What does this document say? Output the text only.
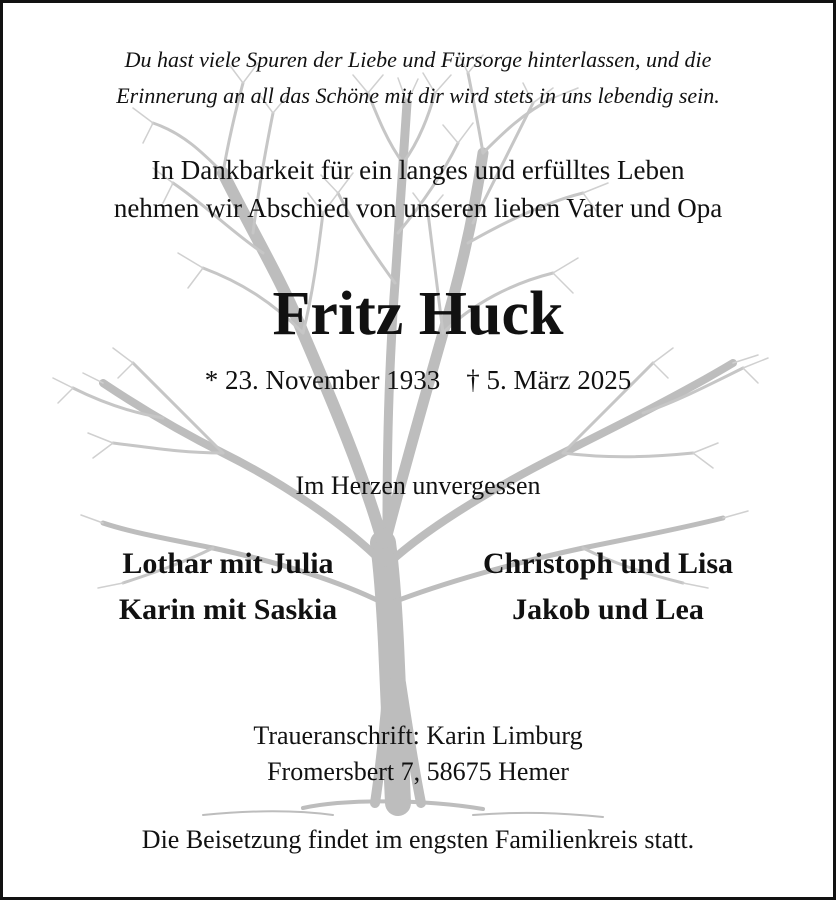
Du hast viele Spuren der Liebe und Fürsorge hinterlassen, und die
Erinnerung an all das Schöne mit dir wird stets in uns lebendig sein.
In Dankbarkeit für ein langes und erfülltes Leben
nehmen wir Abschied von unseren lieben Vater und Opa
Fritz Huck
* 23. November 1933 † 5. März 2025
Im Herzen unvergessen
Lothar mit Julia
Karin mit Saskia
Christoph und Lisa
Jakob und Lea
Traueranschrift: Karin Limburg
Fromersbert 7, 58675 Hemer
Die Beisetzung findet im engsten Familienkreis statt.
